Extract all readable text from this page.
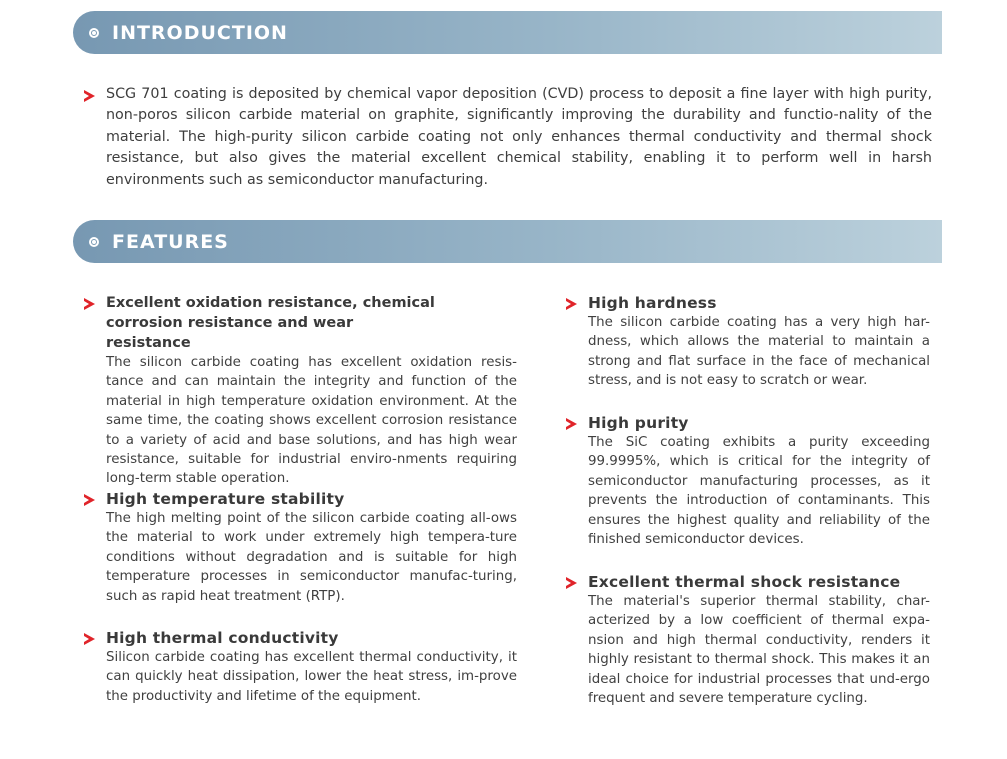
INTRODUCTION

SCG 701 coating is deposited by chemical vapor deposition (CVD) process to deposit a fine layer with high purity, non-poros silicon carbide material on graphite, significantly improving the durability and functio-nality of the material. The high-purity silicon carbide coating not only enhances thermal conductivity and thermal shock resistance, but also gives the material excellent chemical stability, enabling it to perform well in harsh environments such as semiconductor manufacturing.

FEATURES

Excellent oxidation resistance, chemical corrosion resistance and wear resistance

The silicon carbide coating has excellent oxidation resis-tance and can maintain the integrity and function of the material in high temperature oxidation environment. At the same time, the coating shows excellent corrosion resistance to a variety of acid and base solutions, and has high wear resistance, suitable for industrial enviro-nments requiring long-term stable operation.

High temperature stability

The high melting point of the silicon carbide coating all-ows the material to work under extremely high tempera-ture conditions without degradation and is suitable for high temperature processes in semiconductor manufac-turing, such as rapid heat treatment (RTP).

High thermal conductivity

Silicon carbide coating has excellent thermal conductivity, it can quickly heat dissipation, lower the heat stress, im-prove the productivity and lifetime of the equipment.

High hardness

The silicon carbide coating has a very high har-dness, which allows the material to maintain a strong and flat surface in the face of mechanical stress, and is not easy to scratch or wear.

High purity

The SiC coating exhibits a purity exceeding 99.9995%, which is critical for the integrity of semiconductor manufacturing processes, as it prevents the introduction of contaminants. This ensures the highest quality and reliability of the finished semiconductor devices.

Excellent thermal shock resistance

The material's superior thermal stability, char-acterized by a low coefficient of thermal expa-nsion and high thermal conductivity, renders it highly resistant to thermal shock. This makes it an ideal choice for industrial processes that und-ergo frequent and severe temperature cycling.
